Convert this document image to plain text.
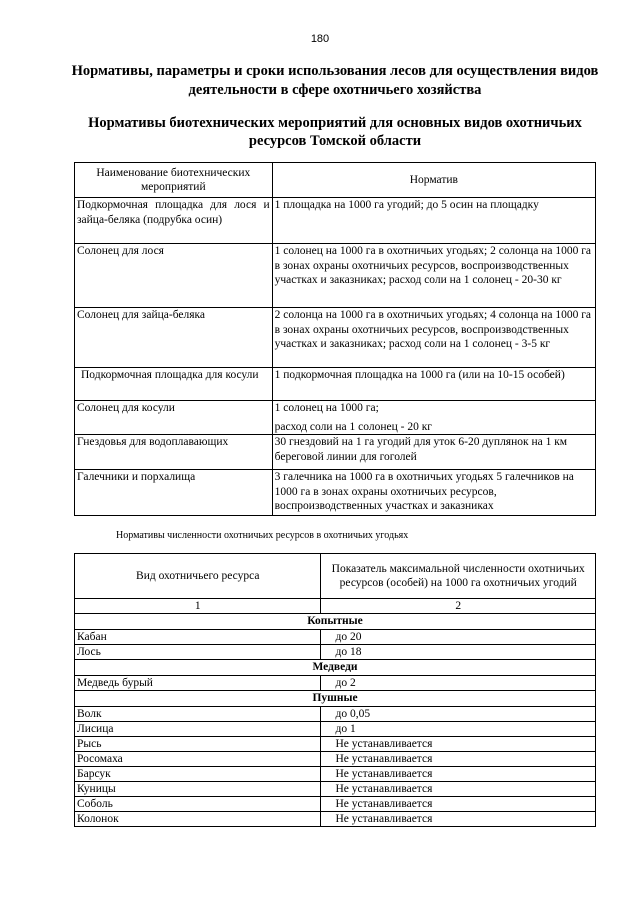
180
Нормативы, параметры и сроки использования лесов для осуществления видов деятельности в сфере охотничьего хозяйства
Нормативы биотехнических мероприятий для основных видов охотничьих ресурсов Томской области
Наименование биотехнических мероприятий	Норматив
Подкормочная площадка для лося и зайца-беляка (подрубка осин)	1 площадка на 1000 га угодий; до 5 осин на площадку
Солонец для лося	1 солонец на 1000 га в охотничьих угодьях; 2 солонца на 1000 га в зонах охраны охотничьих ресурсов, воспроизводственных участках и заказниках; расход соли на 1 солонец - 20-30 кг
Солонец для зайца-беляка	2 солонца на 1000 га в охотничьих угодьях; 4 солонца на 1000 га в зонах охраны охотничьих ресурсов, воспроизводственных участках и заказниках; расход соли на 1 солонец - 3-5 кг
Подкормочная площадка для косули	1 подкормочная площадка на 1000 га (или на 10-15 особей)
Солонец для косули	1 солонец на 1000 га;
расход соли на 1 солонец - 20 кг

Гнездовья для водоплавающих	30 гнездовий на 1 га угодий для уток 6-20 дуплянок на 1 км береговой линии для гоголей
Галечники и порхалища	3 галечника на 1000 га в охотничьих угодьях 5 галечников на 1000 га в зонах охраны охотничьих ресурсов, воспроизводственных участках и заказниках

Нормативы численности охотничьих ресурсов в охотничьих угодьях

Вид охотничьего ресурса	Показатель максимальной численности охотничьих ресурсов (особей) на 1000 га охотничьих угодий
1	2
Копытные	
Кабан	до 20
Лось	до 18
Медведи	
Медведь бурый	до 2
Пушные	
Волк	до 0,05
Лисица	до 1
Рысь	Не устанавливается
Росомаха	Не устанавливается
Барсук	Не устанавливается
Куницы	Не устанавливается
Соболь	Не устанавливается
Колонок	Не устанавливается
